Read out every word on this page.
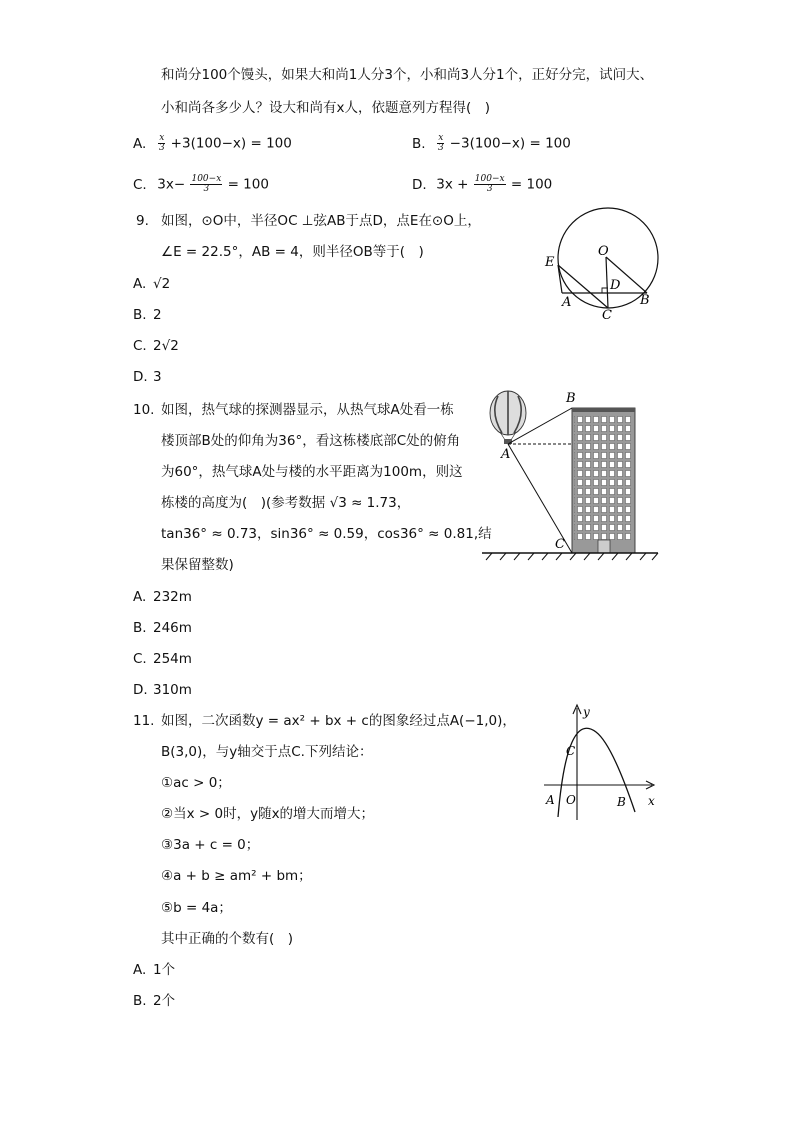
和尚分100个馒头，如果大和尚1人分3个，小和尚3人分1个，正好分完，试问大、
小和尚各多少人？设大和尚有x人，依题意列方程得(　)
A. $\frac{x}{3} +3(100-x) = 100$	B. $\frac{x}{3} -3(100-x) = 100$
C. $3x- \frac{100-x}{3} = 100$	D. $3x + \frac{100-x}{3} = 100$
9. 如图，⊙O中，半径OC ⊥弦AB于点D，点E在⊙O上，
∠E = 22.5°，AB = 4，则半径OB等于(　)
A. √2
B. 2
C. 2√2
D. 3
O
E
D
A	B
C
10. 如图，热气球的探测器显示，从热气球A处看一栋
楼顶部B处的仰角为36°，看这栋楼底部C处的俯角
为60°，热气球A处与楼的水平距离为100m，则这
栋楼的高度为(　)(参考数据 √3 ≈ 1.73，
tan36° ≈ 0.73，sin36° ≈ 0.59，cos36° ≈ 0.81,结
果保留整数)
A. 232m
B. 246m
C. 254m
D. 310m
A
B
C
11. 如图，二次函数y = ax² + bx + c的图象经过点A(−1,0)，
B(3,0)，与y轴交于点C.下列结论：
①ac > 0；
②当x > 0时，y随x的增大而增大；
③3a + c = 0；
④a + b ≥ am² + bm；
⑤b = 4a；
其中正确的个数有(　)
A. 1个
B. 2个
y
x
C
A O	B
